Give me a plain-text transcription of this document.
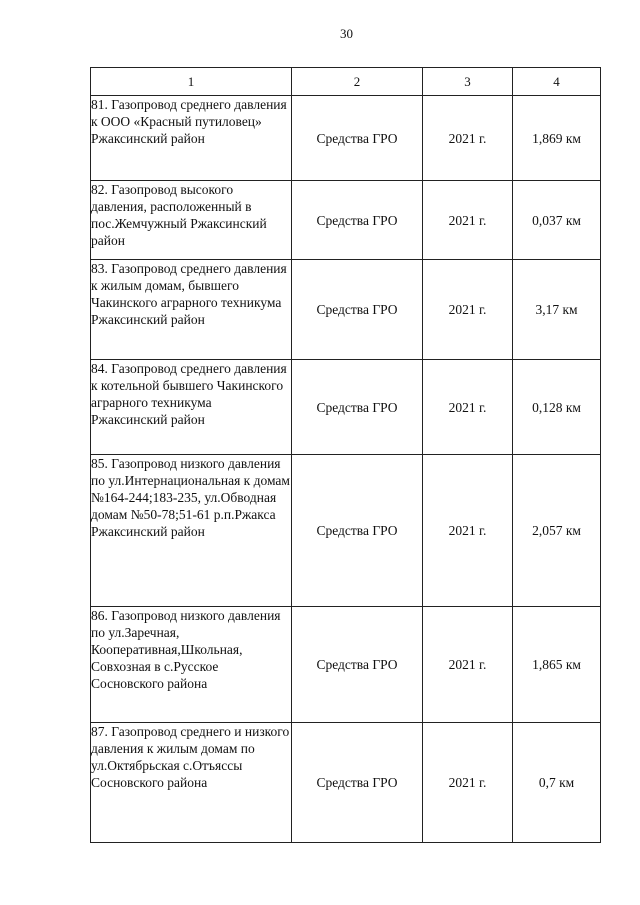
30
1	2	3	4
81. Газопровод среднего давления к ООО «Красный путиловец» Ржаксинский район	Средства ГРО	2021 г.	1,869 км
82. Газопровод высокого давления, расположенный в пос.Жемчужный Ржаксинский район	Средства ГРО	2021 г.	0,037 км
83. Газопровод среднего давления к жилым домам, бывшего Чакинского аграрного техникума Ржаксинский район	Средства ГРО	2021 г.	3,17 км
84. Газопровод среднего давления к котельной бывшего Чакинского аграрного техникума Ржаксинский район	Средства ГРО	2021 г.	0,128 км
85. Газопровод низкого давления по ул.Интернациональная к домам №164-244;183-235, ул.Обводная домам №50-78;51-61 р.п.Ржакса Ржаксинский район	Средства ГРО	2021 г.	2,057 км
86. Газопровод низкого давления по ул.Заречная, Кооперативная,Школьная, Совхозная в с.Русское Сосновского района	Средства ГРО	2021 г.	1,865 км
87. Газопровод среднего и низкого давления к жилым домам по ул.Октябрьская с.Отъяссы Сосновского района	Средства ГРО	2021 г.	0,7 км
